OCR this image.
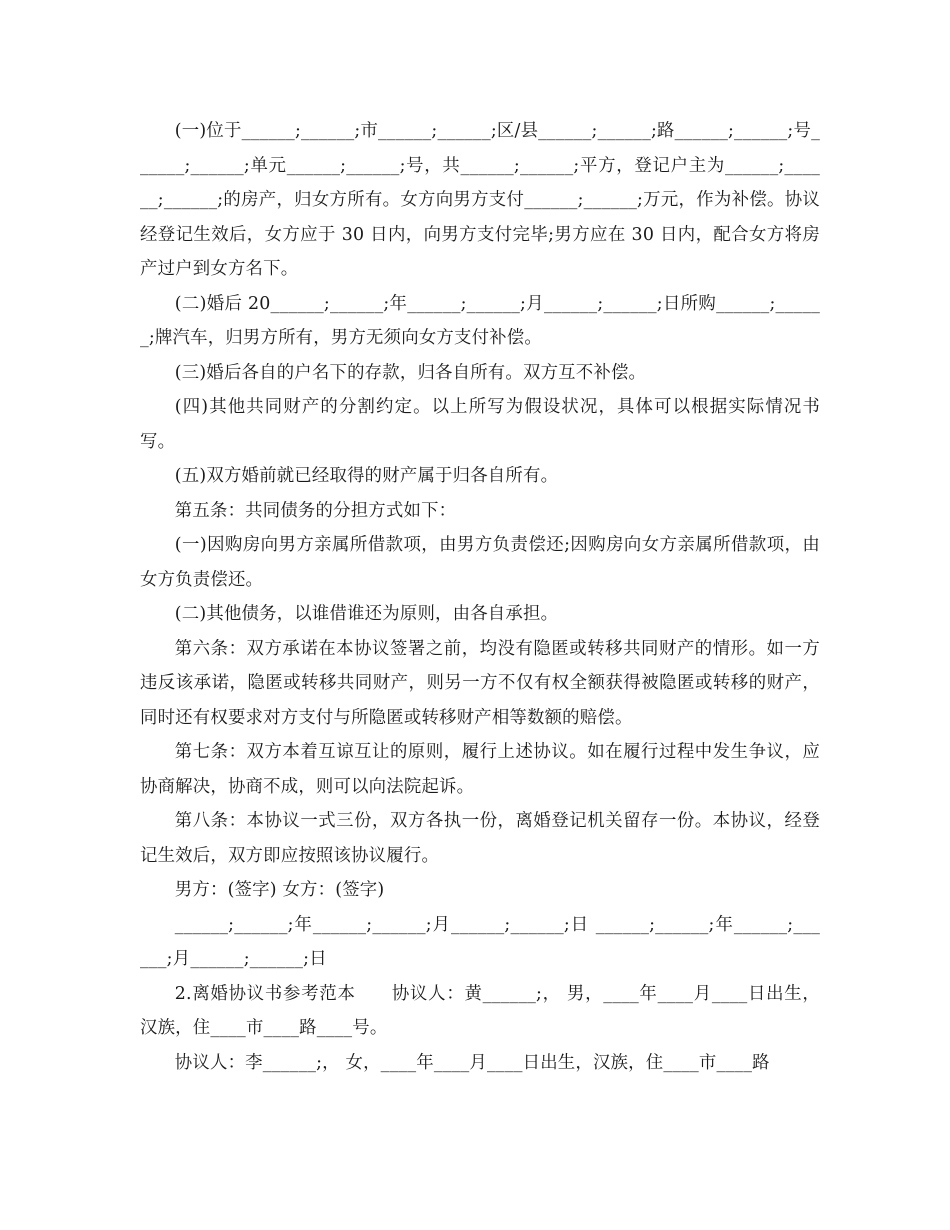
(一)位于______;______;市______;______;区/县______;______;路______;______;号______;______;单元______;______;号，共______;______;平方，登记户主为______;______;______;的房产，归女方所有。女方向男方支付______;______;万元，作为补偿。协议经登记生效后，女方应于 30 日内，向男方支付完毕;男方应在 30 日内，配合女方将房产过户到女方名下。

(二)婚后 20______;______;年______;______;月______;______;日所购______;______;牌汽车，归男方所有，男方无须向女方支付补偿。

(三)婚后各自的户名下的存款，归各自所有。双方互不补偿。

(四)其他共同财产的分割约定。以上所写为假设状况，具体可以根据实际情况书写。

(五)双方婚前就已经取得的财产属于归各自所有。

第五条：共同债务的分担方式如下：

(一)因购房向男方亲属所借款项，由男方负责偿还;因购房向女方亲属所借款项，由女方负责偿还。

(二)其他债务，以谁借谁还为原则，由各自承担。

第六条：双方承诺在本协议签署之前，均没有隐匿或转移共同财产的情形。如一方违反该承诺，隐匿或转移共同财产，则另一方不仅有权全额获得被隐匿或转移的财产，同时还有权要求对方支付与所隐匿或转移财产相等数额的赔偿。

第七条：双方本着互谅互让的原则，履行上述协议。如在履行过程中发生争议，应协商解决，协商不成，则可以向法院起诉。

第八条：本协议一式三份，双方各执一份，离婚登记机关留存一份。本协议，经登记生效后，双方即应按照该协议履行。

男方：(签字) 女方：(签字)

______;______;年______;______;月______;______;日 ______;______;年______;______;月______;______;日

2.离婚协议书参考范本　　协议人：黄______;， 男，____年____月____日出生，汉族，住____市____路____号。

协议人：李______;， 女，____年____月____日出生，汉族，住____市____路
